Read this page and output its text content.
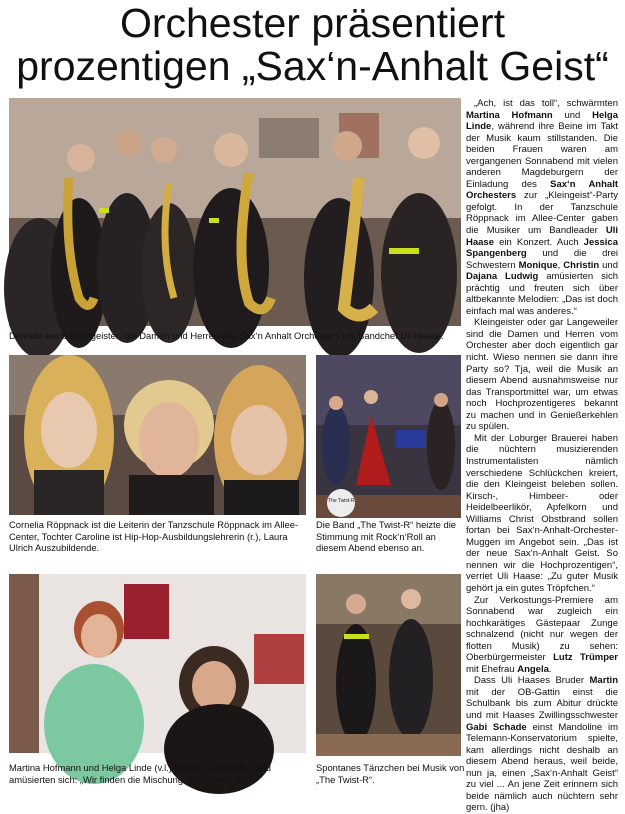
Orchester präsentiert
prozentigen „Sax‘n-Anhalt Geist“

Definitiv keine Kleingeister: die Damen und Herren des Sax‘n Anhalt Orchesters um Bandchef Uli Haase.

Cornelia Röppnack ist die Leiterin der Tanzschule Röppnack im Allee-Center, Tochter Caroline ist Hip-Hop-Ausbildungslehrerin (r.), Laura Ulrich Auszubildende.

The Twist-R

Die Band „The Twist-R“ heizte die Stimmung mit Rock‘n‘Roll an diesem Abend ebenso an.

Martina Hofmann und Helga Linde (v.l.) tanzten, klatschten und amüsierten sich: „Wir finden die Mischung der Leute gut.“

Spontanes Tänzchen bei Musik von „The Twist-R“.

„Ach, ist das toll“, schwärmten Martina Hofmann und Helga Linde, während ihre Beine im Takt der Musik kaum stillstanden. Die beiden Frauen waren am vergangenen Sonnabend mit vielen anderen Magdeburgern der Einladung des Sax‘n Anhalt Orchesters zur „Kleingeist“-Party gefolgt. In der Tanzschule Röppnack im Allee-Center gaben die Musiker um Bandleader Uli Haase ein Konzert. Auch Jessica Spangenberg und die drei Schwestern Monique, Christin und Dajana Ludwig amüsierten sich prächtig und freuten sich über altbekannte Melodien: „Das ist doch einfach mal was anderes.“

Kleingeister oder gar Langeweiler sind die Damen und Herren vom Orchester aber doch eigentlich gar nicht. Wieso nennen sie dann ihre Party so? Tja, weil die Musik an diesem Abend ausnahmsweise nur das Transportmittel war, um etwas noch Hochprozentigeres bekannt zu machen und in Genießerkehlen zu spülen.

Mit der Loburger Brauerei haben die nüchtern musizierenden Instrumentalisten nämlich verschiedene Schlückchen kreiert, die den Kleingeist beleben sollen. Kirsch-, Himbeer- oder Heidelbeerlikör, Apfelkorn und Williams Christ Obstbrand sollen fortan bei Sax‘n-Anhalt-Orchester-Muggen im Angebot sein. „Das ist der neue Sax‘n-Anhalt Geist. So nennen wir die Hochprozentigen“, verriet Uli Haase: „Zu guter Musik gehört ja ein gutes Tröpfchen.“

Zur Verkostungs-Premiere am Sonnabend war zugleich ein hochkarätiges Gästepaar Zunge schnalzend (nicht nur wegen der flotten Musik) zu sehen: Oberbürgermeister Lutz Trümper mit Ehefrau Angela.

Dass Uli Haases Bruder Martin mit der OB-Gattin einst die Schulbank bis zum Abitur drückte und mit Haases Zwillingsschwester Gabi Schade einst Mandoline im Telemann-Konservatorium spielte, kam allerdings nicht deshalb an diesem Abend heraus, weil beide, nun ja, einen „Sax‘n-Anhalt Geist“ zu viel ... An jene Zeit erinnern sich beide nämlich auch nüchtern sehr gern. (jha)
